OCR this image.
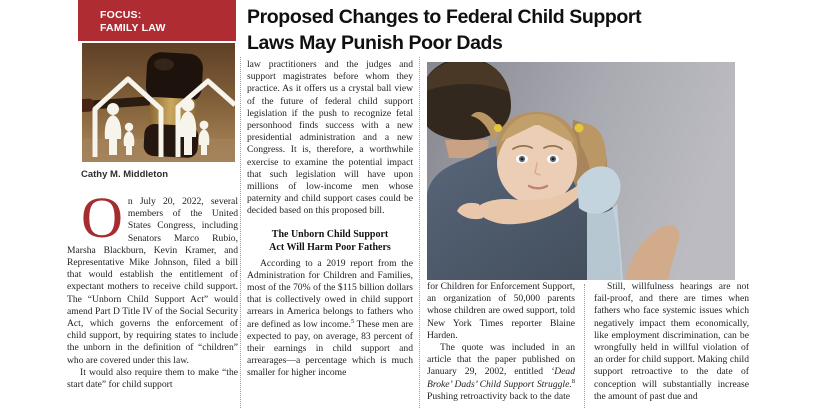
FOCUS:
FAMILY LAW	Proposed Changes to Federal Child Support
Laws May Punish Poor Dads
Cathy M. Middleton

On July 20, 2022, several members of the United States Congress, including Senators Marco Rubio, Marsha Blackburn, Kevin Kramer, and Representative Mike Johnson, filed a bill that would establish the entitlement of expectant mothers to receive child support. The “Unborn Child Support Act” would amend Part D Title IV of the Social Security Act, which governs the enforcement of child support, by requiring states to include the unborn in the definition of “children” who are covered under this law.

It would also require them to make “the start date” for child support

law practitioners and the judges and support magistrates before whom they practice. As it offers us a crystal ball view of the future of federal child support legislation if the push to recognize fetal personhood finds success with a new presidential administration and a new Congress. It is, therefore, a worthwhile exercise to examine the potential impact that such legislation will have upon millions of low-income men whose paternity and child support cases could be decided based on this proposed bill.

The Unborn Child Support
Act Will Harm Poor Fathers

According to a 2019 report from the Administration for Children and Families, most of the 70% of the $115 billion dollars that is collectively owed in child support arrears in America belongs to fathers who are defined as low income.$^5$ These men are expected to pay, on average, 83 percent of their earnings in child support and arrearages—a percentage which is much smaller for higher income

for Children for Enforcement Support, an organization of 50,000 parents whose children are owed support, told New York Times reporter Blaine Harden.

The quote was included in an article that the paper published on January 29, 2002, entitled ‘Dead Broke’ Dads’ Child Support Struggle.$^8$ Pushing retroactivity back to the date

Still, willfulness hearings are not fail-proof, and there are times when fathers who face systemic issues which negatively impact them economically, like employment discrimination, can be wrongfully held in willful violation of an order for child support. Making child support retroactive to the date of conception will substantially increase the amount of past due and
